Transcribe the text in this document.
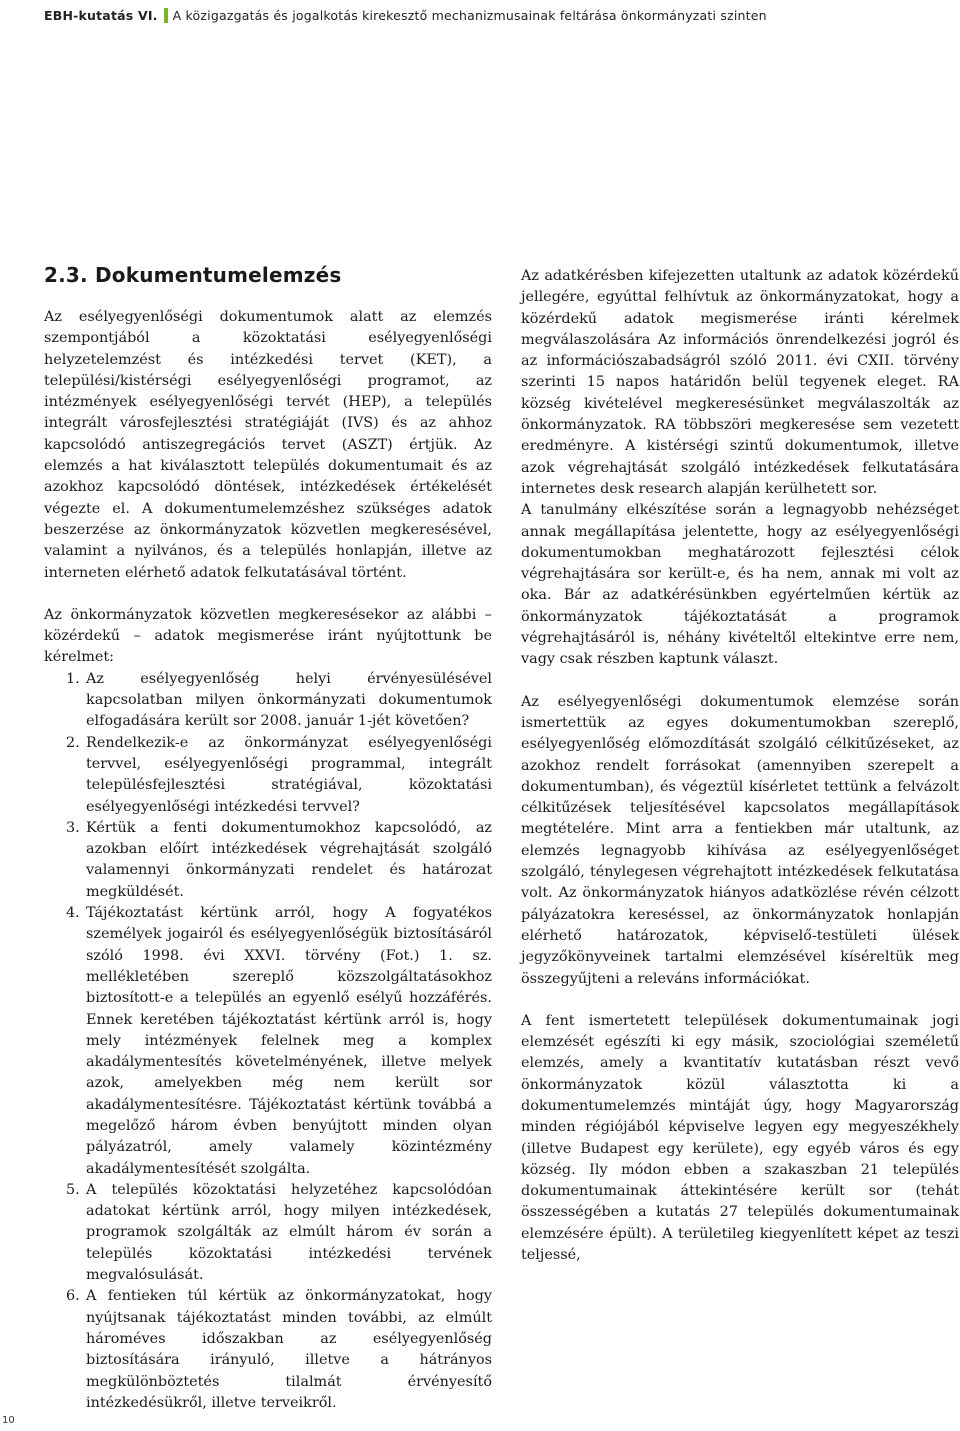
EBH-kutatás VI. A közigazgatás és jogalkotás kirekesztő mechanizmusainak feltárása önkormányzati szinten
2.3. Dokumentumelemzés

Az esélyegyenlőségi dokumentumok alatt az elemzés szempontjából a közoktatási esélyegyenlőségi helyzetelemzést és intézkedési tervet (KET), a települési/kistérségi esélyegyenlőségi programot, az intézmények esélyegyenlőségi tervét (HEP), a település integrált városfejlesztési stratégiáját (IVS) és az ahhoz kapcsolódó antiszegregációs tervet (ASZT) értjük. Az elemzés a hat kiválasztott település dokumentumait és az azokhoz kapcsolódó döntések, intézkedések értékelését végezte el. A dokumentumelemzéshez szükséges adatok beszerzése az önkormányzatok közvetlen megkeresésével, valamint a nyilvános, és a település honlapján, illetve az interneten elérhető adatok felkutatásával történt.

Az önkormányzatok közvetlen megkeresésekor az alábbi – közérdekű – adatok megismerése iránt nyújtottunk be kérelmet:

1. Az esélyegyenlőség helyi érvényesülésével kapcsolatban milyen önkormányzati dokumentumok elfogadására került sor 2008. január 1-jét követően?
2. Rendelkezik-e az önkormányzat esélyegyenlőségi tervvel, esélyegyenlőségi programmal, integrált településfejlesztési stratégiával, közoktatási esélyegyenlőségi intézkedési tervvel?
3. Kértük a fenti dokumentumokhoz kapcsolódó, az azokban előírt intézkedések végrehajtását szolgáló valamennyi önkormányzati rendelet és határozat megküldését.
4. Tájékoztatást kértünk arról, hogy A fogyatékos személyek jogairól és esélyegyenlőségük biztosításáról szóló 1998. évi XXVI. törvény (Fot.) 1. sz. mellékletében szereplő közszolgáltatásokhoz biztosított-e a település an egyenlő esélyű hozzáférés. Ennek keretében tájékoztatást kértünk arról is, hogy mely intézmények felelnek meg a komplex akadálymentesítés követelményének, illetve melyek azok, amelyekben még nem került sor akadálymentesítésre. Tájékoztatást kértünk továbbá a megelőző három évben benyújtott minden olyan pályázatról, amely valamely közintézmény akadálymentesítését szolgálta.
5. A település közoktatási helyzetéhez kapcsolódóan adatokat kértünk arról, hogy milyen intézkedések, programok szolgálták az elmúlt három év során a település közoktatási intézkedési tervének megvalósulását.
6. A fentieken túl kértük az önkormányzatokat, hogy nyújtsanak tájékoztatást minden további, az elmúlt hároméves időszakban az esélyegyenlőség biztosítására irányuló, illetve a hátrányos megkülönböztetés tilalmát érvényesítő intézkedésükről, illetve terveikről.

Az adatkérésben kifejezetten utaltunk az adatok közérdekű jellegére, egyúttal felhívtuk az önkormányzatokat, hogy a közérdekű adatok megismerése iránti kérelmek megválaszolására Az információs önrendelkezési jogról és az információszabadságról szóló 2011. évi CXII. törvény szerinti 15 napos határidőn belül tegyenek eleget. RA község kivételével megkeresésünket megválaszolták az önkormányzatok. RA többszöri megkeresése sem vezetett eredményre. A kistérségi szintű dokumentumok, illetve azok végrehajtását szolgáló intézkedések felkutatására internetes desk research alapján kerülhetett sor.

A tanulmány elkészítése során a legnagyobb nehézséget annak megállapítása jelentette, hogy az esélyegyenlőségi dokumentumokban meghatározott fejlesztési célok végrehajtására sor került-e, és ha nem, annak mi volt az oka. Bár az adatkérésünkben egyértelműen kértük az önkormányzatok tájékoztatását a programok végrehajtásáról is, néhány kivételtől eltekintve erre nem, vagy csak részben kaptunk választ.

Az esélyegyenlőségi dokumentumok elemzése során ismertettük az egyes dokumentumokban szereplő, esélyegyenlőség előmozdítását szolgáló célkitűzéseket, az azokhoz rendelt forrásokat (amennyiben szerepelt a dokumentumban), és végeztül kísérletet tettünk a felvázolt célkitűzések teljesítésével kapcsolatos megállapítások megtételére. Mint arra a fentiekben már utaltunk, az elemzés legnagyobb kihívása az esélyegyenlőséget szolgáló, ténylegesen végrehajtott intézkedések felkutatása volt. Az önkormányzatok hiányos adatközlése révén célzott pályázatokra kereséssel, az önkormányzatok honlapján elérhető határozatok, képviselő-testületi ülések jegyzőkönyveinek tartalmi elemzésével kíséreltük meg összegyűjteni a releváns információkat.

A fent ismertetett települések dokumentumainak jogi elemzését egészíti ki egy másik, szociológiai személetű elemzés, amely a kvantitatív kutatásban részt vevő önkormányzatok közül választotta ki a dokumentumelemzés mintáját úgy, hogy Magyarország minden régiójából képviselve legyen egy megyeszékhely (illetve Budapest egy kerülete), egy egyéb város és egy község. Ily módon ebben a szakaszban 21 település dokumentumainak áttekintésére került sor (tehát összességében a kutatás 27 település dokumentumainak elemzésére épült). A területileg kiegyenlített képet az teszi teljessé,

10
